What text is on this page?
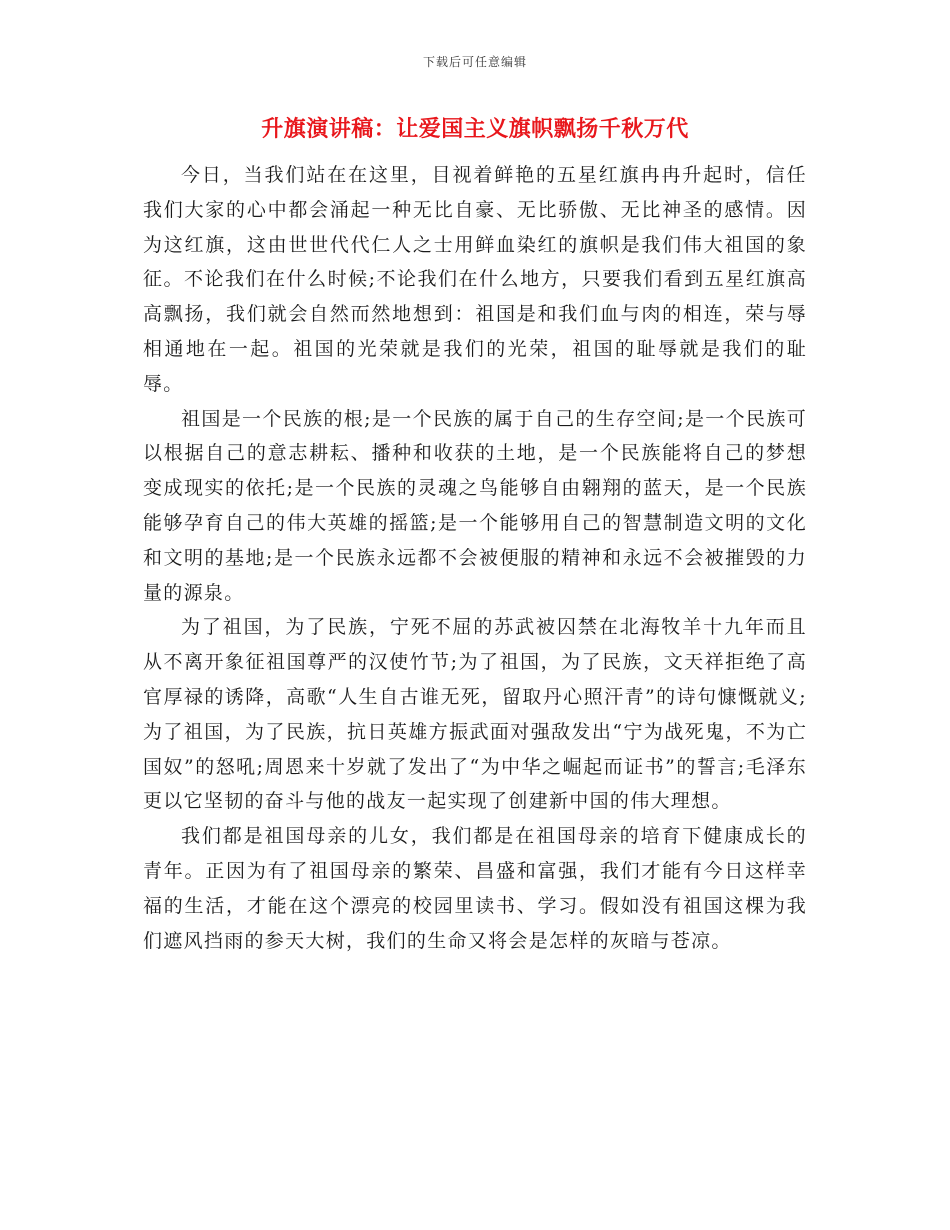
下载后可任意编辑
升旗演讲稿：让爱国主义旗帜飘扬千秋万代

今日，当我们站在在这里，目视着鲜艳的五星红旗冉冉升起时，信任我们大家的心中都会涌起一种无比自豪、无比骄傲、无比神圣的感情。因为这红旗，这由世世代代仁人之士用鲜血染红的旗帜是我们伟大祖国的象征。不论我们在什么时候;不论我们在什么地方，只要我们看到五星红旗高高飘扬，我们就会自然而然地想到：祖国是和我们血与肉的相连，荣与辱相通地在一起。祖国的光荣就是我们的光荣，祖国的耻辱就是我们的耻辱。

祖国是一个民族的根;是一个民族的属于自己的生存空间;是一个民族可以根据自己的意志耕耘、播种和收获的土地，是一个民族能将自己的梦想变成现实的依托;是一个民族的灵魂之鸟能够自由翱翔的蓝天，是一个民族能够孕育自己的伟大英雄的摇篮;是一个能够用自己的智慧制造文明的文化和文明的基地;是一个民族永远都不会被便服的精神和永远不会被摧毁的力量的源泉。

为了祖国，为了民族，宁死不屈的苏武被囚禁在北海牧羊十九年而且从不离开象征祖国尊严的汉使竹节;为了祖国，为了民族，文天祥拒绝了高官厚禄的诱降，高歌“人生自古谁无死，留取丹心照汗青”的诗句慷慨就义;为了祖国，为了民族，抗日英雄方振武面对强敌发出“宁为战死鬼，不为亡国奴”的怒吼;周恩来十岁就了发出了“为中华之崛起而证书”的誓言;毛泽东更以它坚韧的奋斗与他的战友一起实现了创建新中国的伟大理想。

我们都是祖国母亲的儿女，我们都是在祖国母亲的培育下健康成长的青年。正因为有了祖国母亲的繁荣、昌盛和富强，我们才能有今日这样幸福的生活，才能在这个漂亮的校园里读书、学习。假如没有祖国这棵为我们遮风挡雨的参天大树，我们的生命又将会是怎样的灰暗与苍凉。
